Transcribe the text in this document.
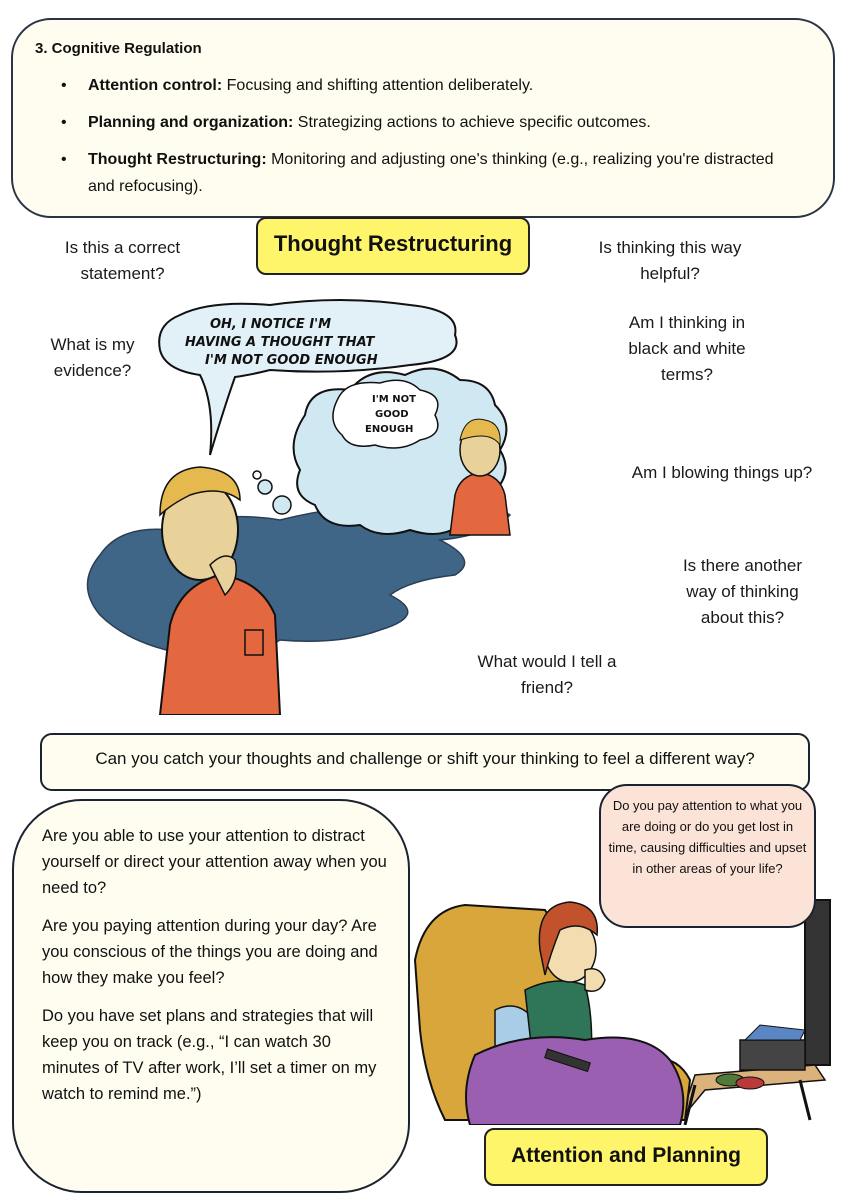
3. Cognitive Regulation
• Attention control: Focusing and shifting attention deliberately.
• Planning and organization: Strategizing actions to achieve specific outcomes.
• Thought Restructuring: Monitoring and adjusting one's thinking (e.g., realizing you're distracted and refocusing).
Thought Restructuring
Is this a correct statement?
What is my evidence?
Is thinking this way helpful?
Am I thinking in black and white terms?
Am I blowing things up?
Is there another way of thinking about this?
What would I tell a friend?
OH, I NOTICE I'M
HAVING A THOUGHT THAT
I'M NOT GOOD ENOUGH
I'M NOT
GOOD
ENOUGH
Can you catch your thoughts and challenge or shift your thinking to feel a different way?

Are you able to use your attention to distract yourself or direct your attention away when you need to?

Are you paying attention during your day? Are you conscious of the things you are doing and how they make you feel?

Do you have set plans and strategies that will keep you on track (e.g., “I can watch 30 minutes of TV after work, I’ll set a timer on my watch to remind me.”)

Do you pay attention to what you are doing or do you get lost in time, causing difficulties and upset in other areas of your life?
Attention and Planning
